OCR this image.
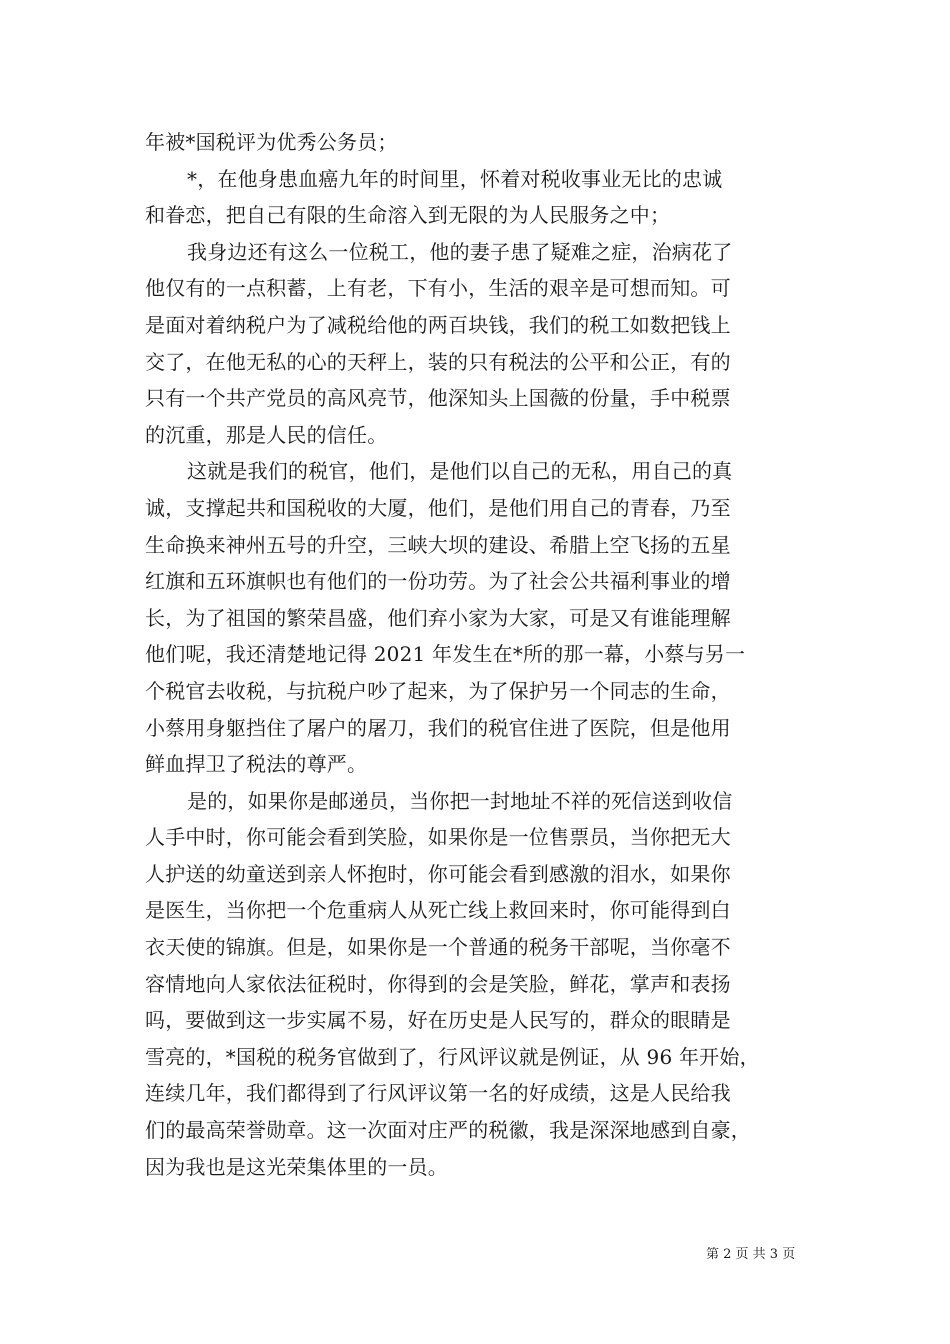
年被*国税评为优秀公务员；

*，在他身患血癌九年的时间里，怀着对税收事业无比的忠诚

和眷恋，把自己有限的生命溶入到无限的为人民服务之中；

我身边还有这么一位税工，他的妻子患了疑难之症，治病花了

他仅有的一点积蓄，上有老，下有小，生活的艰辛是可想而知。可

是面对着纳税户为了减税给他的两百块钱，我们的税工如数把钱上

交了，在他无私的心的天秤上，装的只有税法的公平和公正，有的

只有一个共产党员的高风亮节，他深知头上国薇的份量，手中税票

的沉重，那是人民的信任。

这就是我们的税官，他们，是他们以自己的无私，用自己的真

诚，支撑起共和国税收的大厦，他们，是他们用自己的青春，乃至

生命换来神州五号的升空，三峡大坝的建设、希腊上空飞扬的五星

红旗和五环旗帜也有他们的一份功劳。为了社会公共福利事业的增

长，为了祖国的繁荣昌盛，他们弃小家为大家，可是又有谁能理解

他们呢，我还清楚地记得 2021 年发生在*所的那一幕，小蔡与另一

个税官去收税，与抗税户吵了起来，为了保护另一个同志的生命，

小蔡用身躯挡住了屠户的屠刀，我们的税官住进了医院，但是他用

鲜血捍卫了税法的尊严。

是的，如果你是邮递员，当你把一封地址不祥的死信送到收信

人手中时，你可能会看到笑脸，如果你是一位售票员，当你把无大

人护送的幼童送到亲人怀抱时，你可能会看到感激的泪水，如果你

是医生，当你把一个危重病人从死亡线上救回来时，你可能得到白

衣天使的锦旗。但是，如果你是一个普通的税务干部呢，当你毫不

容情地向人家依法征税时，你得到的会是笑脸，鲜花，掌声和表扬

吗，要做到这一步实属不易，好在历史是人民写的，群众的眼睛是

雪亮的，*国税的税务官做到了，行风评议就是例证，从 96 年开始，

连续几年，我们都得到了行风评议第一名的好成绩，这是人民给我

们的最高荣誉勋章。这一次面对庄严的税徽，我是深深地感到自豪，

因为我也是这光荣集体里的一员。

第 2 页 共 3 页
